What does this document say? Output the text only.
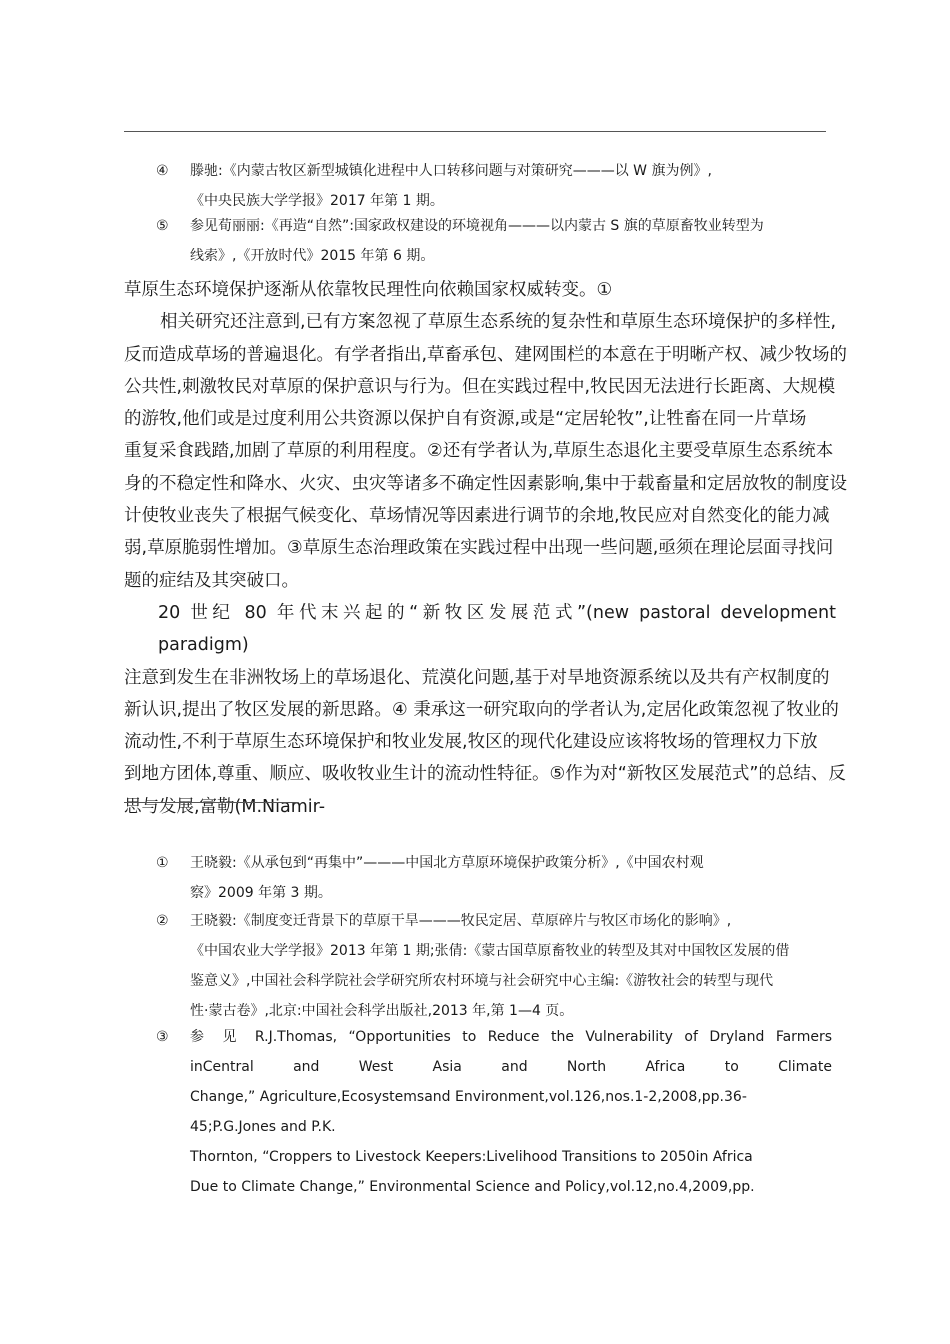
④	滕驰:《内蒙古牧区新型城镇化进程中人口转移问题与对策研究———以 W 旗为例》,
《中央民族大学学报》2017 年第 1 期。
⑤	参见荀丽丽:《再造“自然”:国家政权建设的环境视角———以内蒙古 S 旗的草原畜牧业转型为
线索》,《开放时代》2015 年第 6 期。
草原生态环境保护逐渐从依靠牧民理性向依赖国家权威转变。①
相关研究还注意到,已有方案忽视了草原生态系统的复杂性和草原生态环境保护的多样性,
反而造成草场的普遍退化。有学者指出,草畜承包、建网围栏的本意在于明晰产权、减少牧场的
公共性,刺激牧民对草原的保护意识与行为。但在实践过程中,牧民因无法进行长距离、大规模
的游牧,他们或是过度利用公共资源以保护自有资源,或是“定居轮牧”,让牲畜在同一片草场
重复采食践踏,加剧了草原的利用程度。②还有学者认为,草原生态退化主要受草原生态系统本
身的不稳定性和降水、火灾、虫灾等诸多不确定性因素影响,集中于载畜量和定居放牧的制度设
计使牧业丧失了根据气候变化、草场情况等因素进行调节的余地,牧民应对自然变化的能力减
弱,草原脆弱性增加。③草原生态治理政策在实践过程中出现一些问题,亟须在理论层面寻找问
题的症结及其突破口。
20 世纪 80 年代末兴起的“新牧区发展范式”(new pastoral development paradigm)
注意到发生在非洲牧场上的草场退化、荒漠化问题,基于对旱地资源系统以及共有产权制度的
新认识,提出了牧区发展的新思路。④ 秉承这一研究取向的学者认为,定居化政策忽视了牧业的
流动性,不利于草原生态环境保护和牧业发展,牧区的现代化建设应该将牧场的管理权力下放
到地方团体,尊重、顺应、吸收牧业生计的流动性特征。⑤作为对“新牧区发展范式”的总结、反
思与发展,富勒(M.Niamir-
①	王晓毅:《从承包到“再集中”———中国北方草原环境保护政策分析》,《中国农村观
察》2009 年第 3 期。
②	王晓毅:《制度变迁背景下的草原干旱———牧民定居、草原碎片与牧区市场化的影响》,
《中国农业大学学报》2013 年第 1 期;张倩:《蒙古国草原畜牧业的转型及其对中国牧区发展的借
鉴意义》,中国社会科学院社会学研究所农村环境与社会研究中心主编:《游牧社会的转型与现代
性·蒙古卷》,北京:中国社会科学出版社,2013 年,第 1—4 页。
③	参 见 R.J.Thomas, “Opportunities to Reduce the Vulnerability of Dryland Farmers
inCentral and West Asia and North Africa to Climate
Change,” Agriculture,Ecosystemsand Environment,vol.126,nos.1-2,2008,pp.36-
45;P.G.Jones and P.K.
Thornton, “Croppers to Livestock Keepers:Livelihood Transitions to 2050in Africa
Due to Climate Change,” Environmental Science and Policy,vol.12,no.4,2009,pp.
